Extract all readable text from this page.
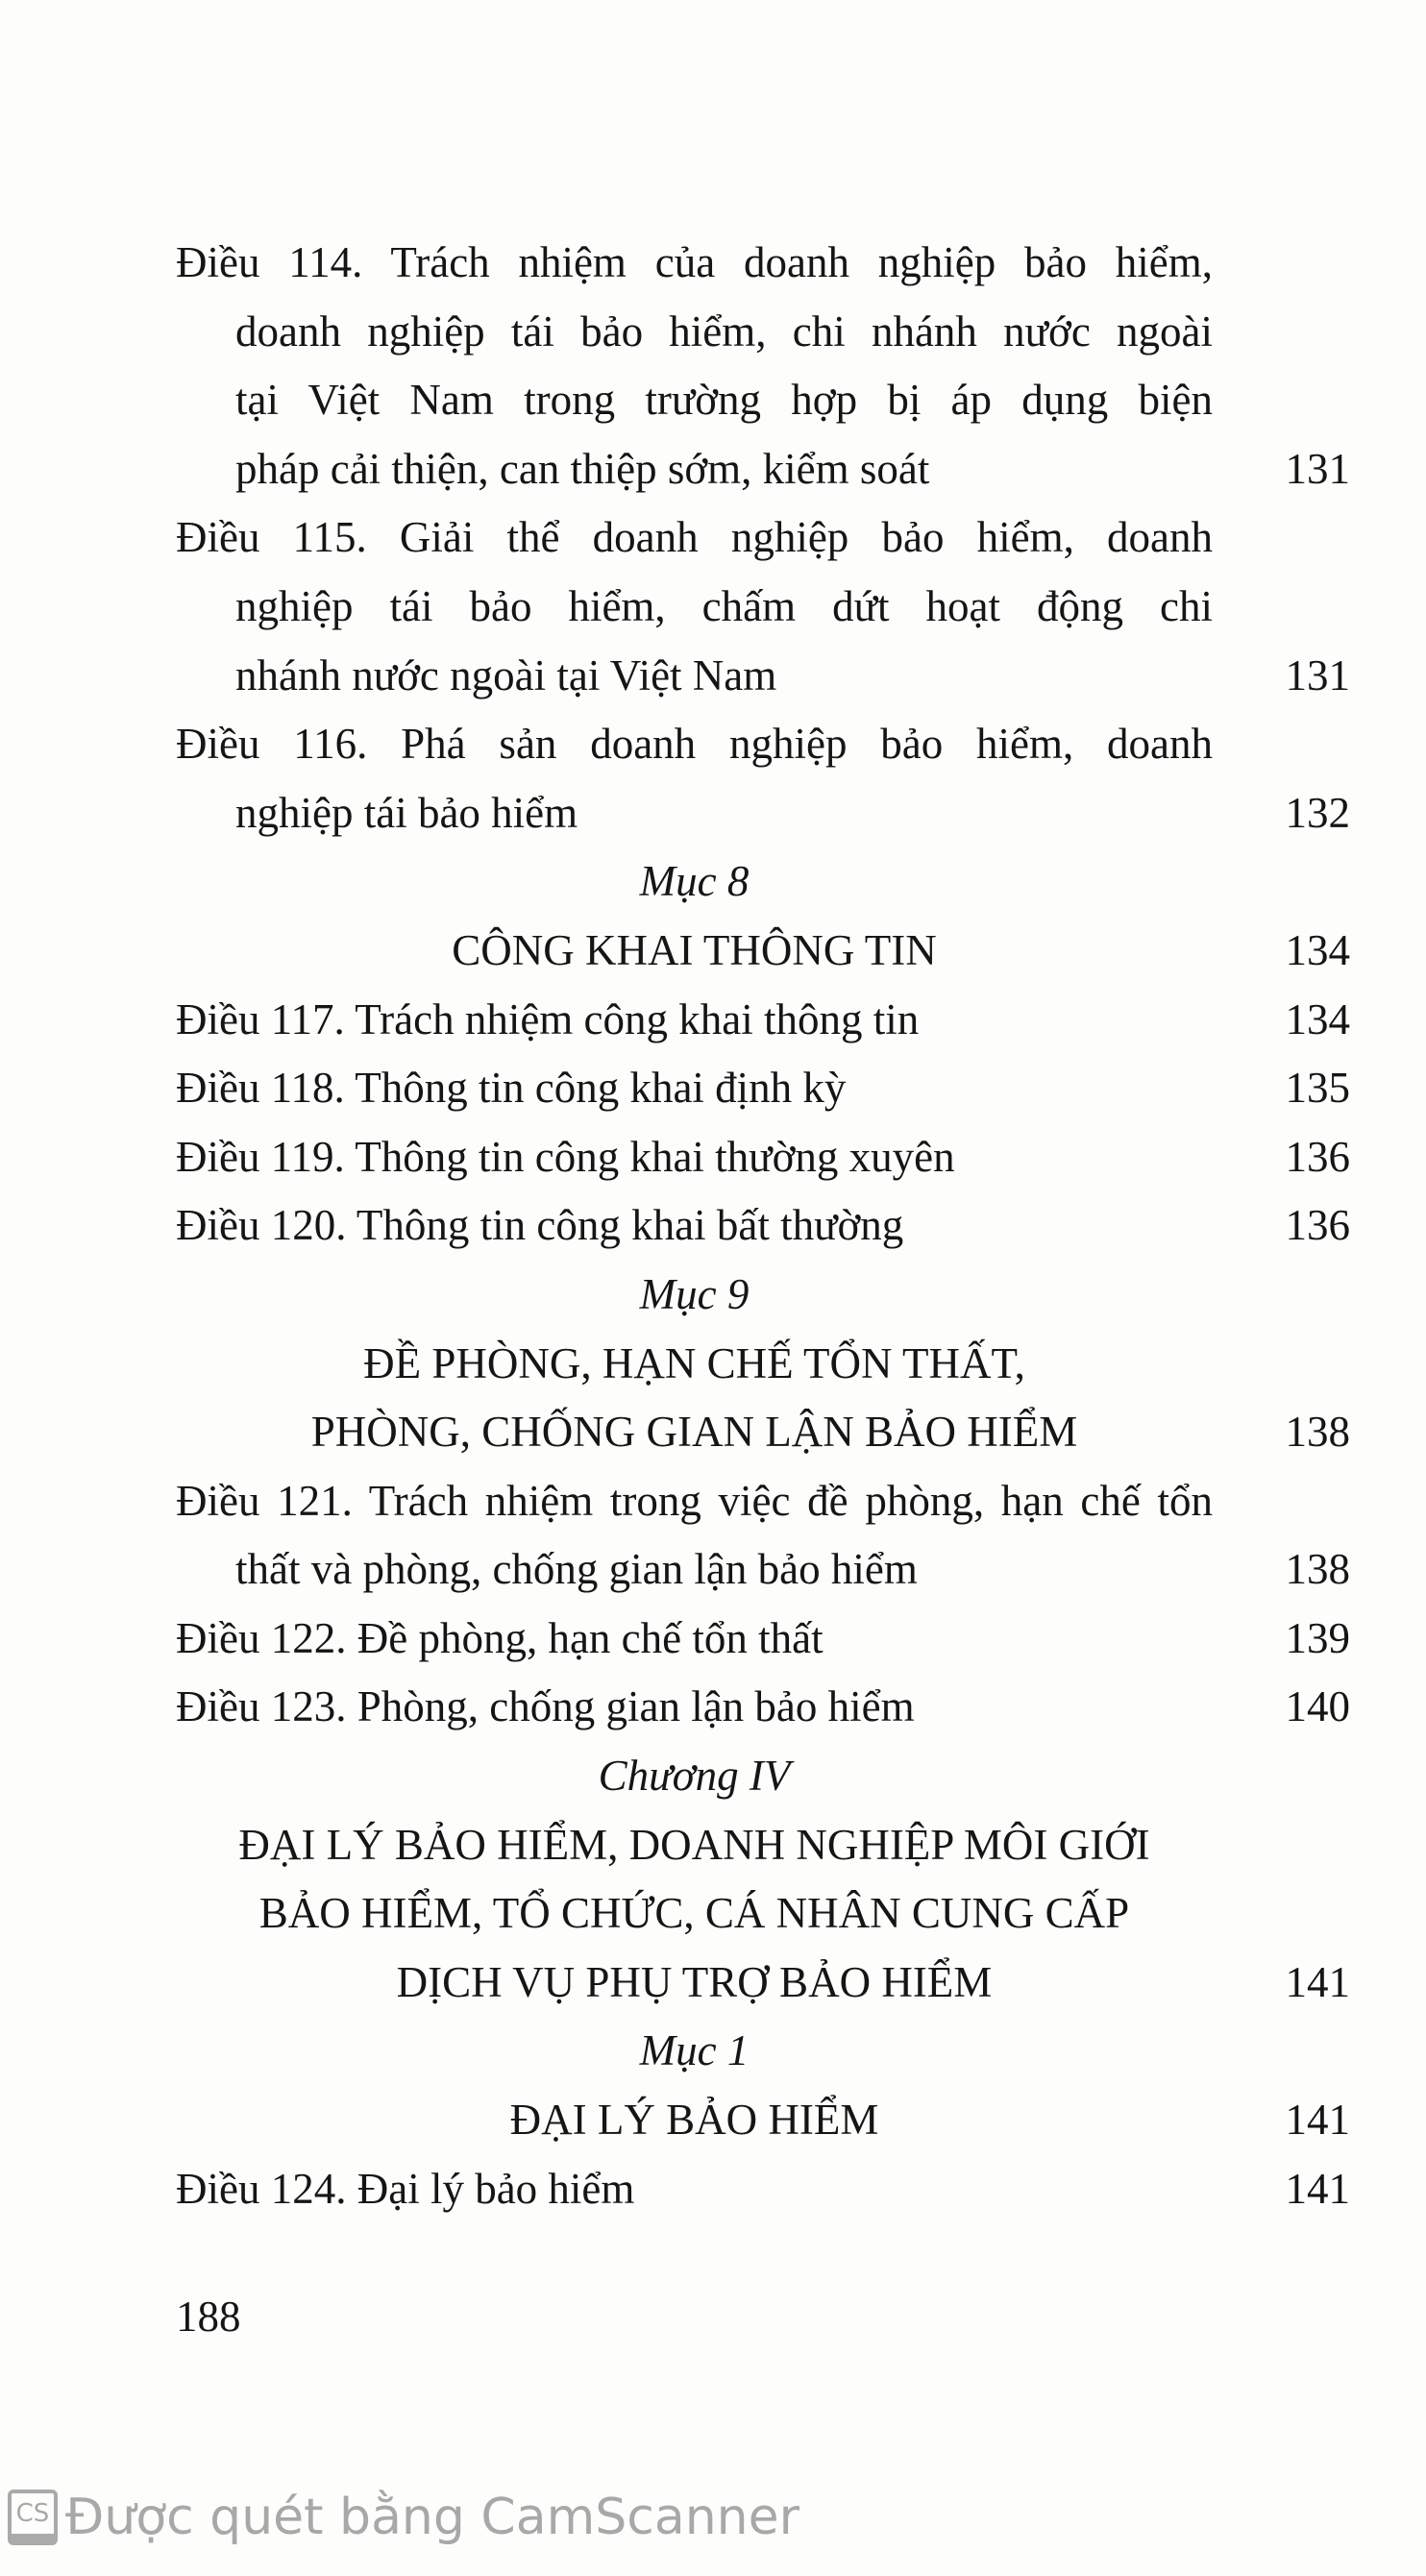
Điều 114. Trách nhiệm của doanh nghiệp bảo hiểm,
doanh nghiệp tái bảo hiểm, chi nhánh nước ngoài
tại Việt Nam trong trường hợp bị áp dụng biện
pháp cải thiện, can thiệp sớm, kiểm soát	131
Điều 115. Giải thể doanh nghiệp bảo hiểm, doanh
nghiệp tái bảo hiểm, chấm dứt hoạt động chi
nhánh nước ngoài tại Việt Nam	131
Điều 116. Phá sản doanh nghiệp bảo hiểm, doanh
nghiệp tái bảo hiểm	132
Mục 8
CÔNG KHAI THÔNG TIN	134
Điều 117. Trách nhiệm công khai thông tin	134
Điều 118. Thông tin công khai định kỳ	135
Điều 119. Thông tin công khai thường xuyên	136
Điều 120. Thông tin công khai bất thường	136
Mục 9
ĐỀ PHÒNG, HẠN CHẾ TỔN THẤT,
PHÒNG, CHỐNG GIAN LẬN BẢO HIỂM	138
Điều 121. Trách nhiệm trong việc đề phòng, hạn chế tổn
thất và phòng, chống gian lận bảo hiểm	138
Điều 122. Đề phòng, hạn chế tổn thất	139
Điều 123. Phòng, chống gian lận bảo hiểm	140
Chương IV
ĐẠI LÝ BẢO HIỂM, DOANH NGHIỆP MÔI GIỚI
BẢO HIỂM, TỔ CHỨC, CÁ NHÂN CUNG CẤP
DỊCH VỤ PHỤ TRỢ BẢO HIỂM	141
Mục 1
ĐẠI LÝ BẢO HIỂM	141
Điều 124. Đại lý bảo hiểm	141
188
CS Được quét bằng CamScanner
